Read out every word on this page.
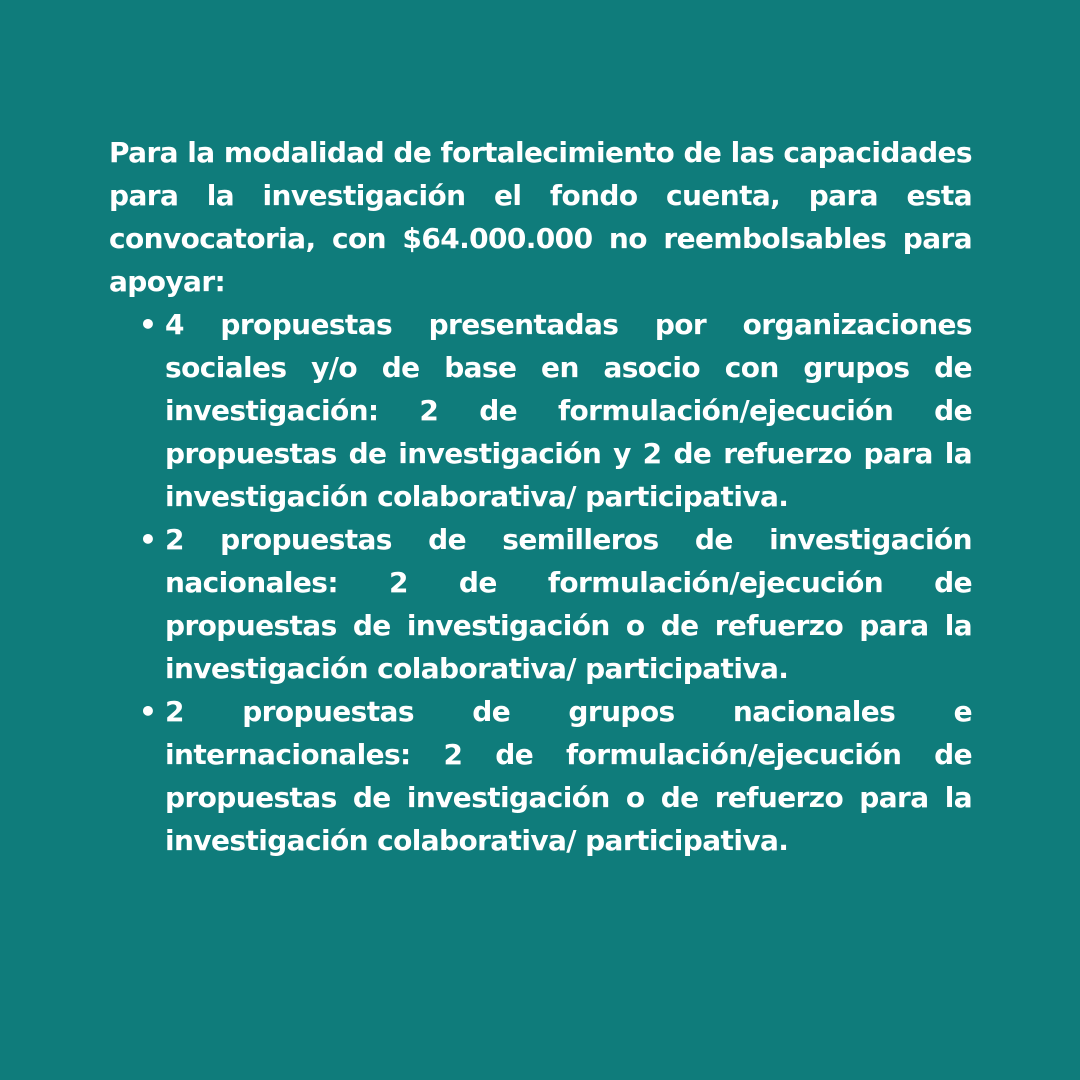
Para la modalidad de fortalecimiento de las capacidades para la investigación el fondo cuenta, para esta convocatoria, con $64.000.000 no reembolsables para apoyar:

• 4 propuestas presentadas por organizaciones sociales y/o de base en asocio con grupos de investigación: 2 de formulación/ejecución de propuestas de investigación y 2 de refuerzo para la investigación colaborativa/ participativa.
• 2 propuestas de semilleros de investigación nacionales: 2 de formulación/ejecución de propuestas de investigación o de refuerzo para la investigación colaborativa/ participativa.
• 2 propuestas de grupos nacionales e internacionales: 2 de formulación/ejecución de propuestas de investigación o de refuerzo para la investigación colaborativa/ participativa.
